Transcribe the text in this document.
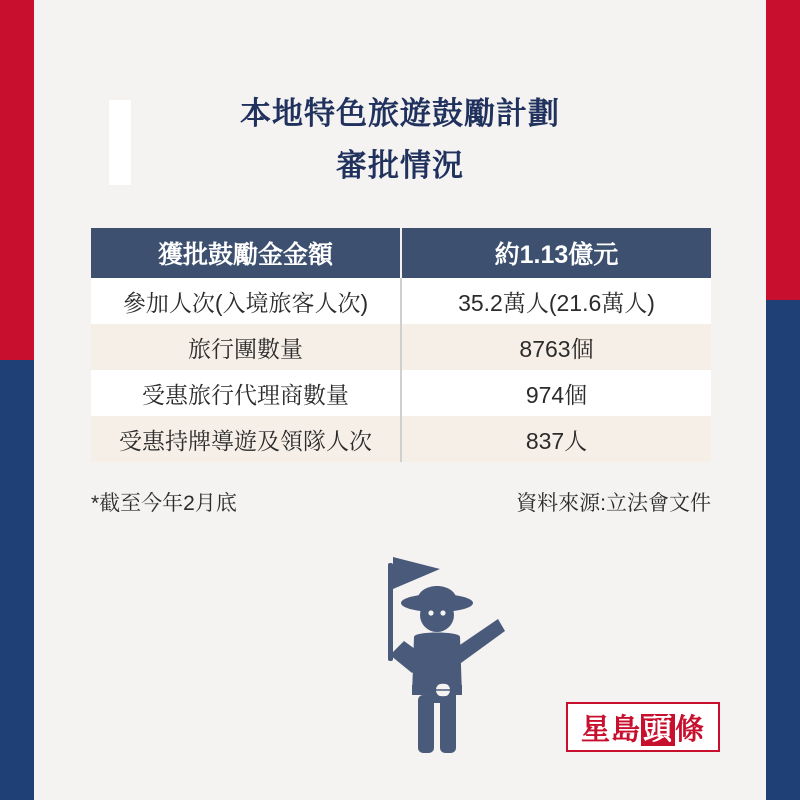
本地特色旅遊鼓勵計劃
審批情況
獲批鼓勵金金額	約1.13億元
參加人次(入境旅客人次)	35.2萬人(21.6萬人)
旅行團數量	8763個
受惠旅行代理商數量	974個
受惠持牌導遊及領隊人次	837人
*截至今年2月底	資料來源:立法會文件
星島頭條
